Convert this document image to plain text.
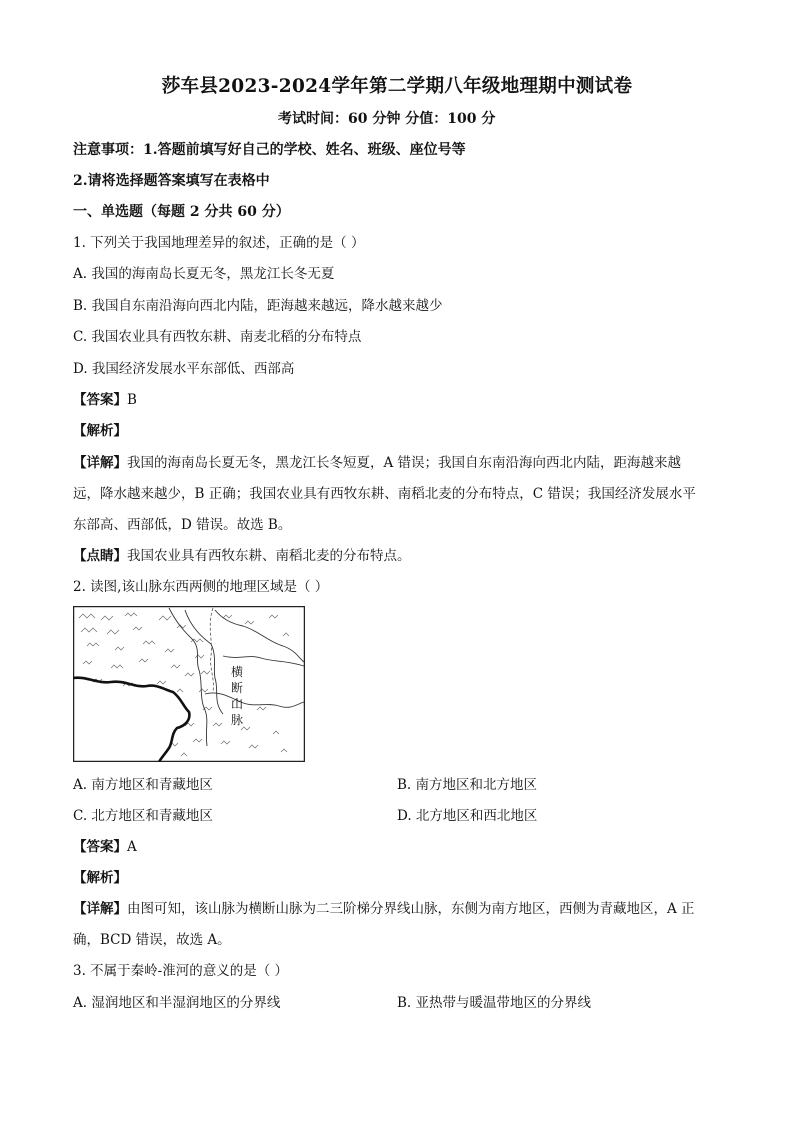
莎车县2023-2024学年第二学期八年级地理期中测试卷
考试时间：60 分钟 分值：100 分
注意事项：1.答题前填写好自己的学校、姓名、班级、座位号等
2.请将选择题答案填写在表格中
一、单选题（每题 2 分共 60 分）
1. 下列关于我国地理差异的叙述，正确的是（ ）
A. 我国的海南岛长夏无冬，黑龙江长冬无夏
B. 我国自东南沿海向西北内陆，距海越来越远，降水越来越少
C. 我国农业具有西牧东耕、南麦北稻的分布特点
D. 我国经济发展水平东部低、西部高
【答案】B
【解析】
【详解】我国的海南岛长夏无冬，黑龙江长冬短夏，A 错误；我国自东南沿海向西北内陆，距海越来越
远，降水越来越少，B 正确；我国农业具有西牧东耕、南稻北麦的分布特点，C 错误；我国经济发展水平
东部高、西部低，D 错误。故选 B。
【点睛】我国农业具有西牧东耕、南稻北麦的分布特点。
2. 读图,该山脉东西两侧的地理区域是（ ）
横
断
山
脉
A. 南方地区和青藏地区	B. 南方地区和北方地区
C. 北方地区和青藏地区	D. 北方地区和西北地区
【答案】A
【解析】
【详解】由图可知，该山脉为横断山脉为二三阶梯分界线山脉，东侧为南方地区，西侧为青藏地区，A 正
确，BCD 错误，故选 A。
3. 不属于秦岭-淮河的意义的是（ ）
A. 湿润地区和半湿润地区的分界线	B. 亚热带与暖温带地区的分界线
